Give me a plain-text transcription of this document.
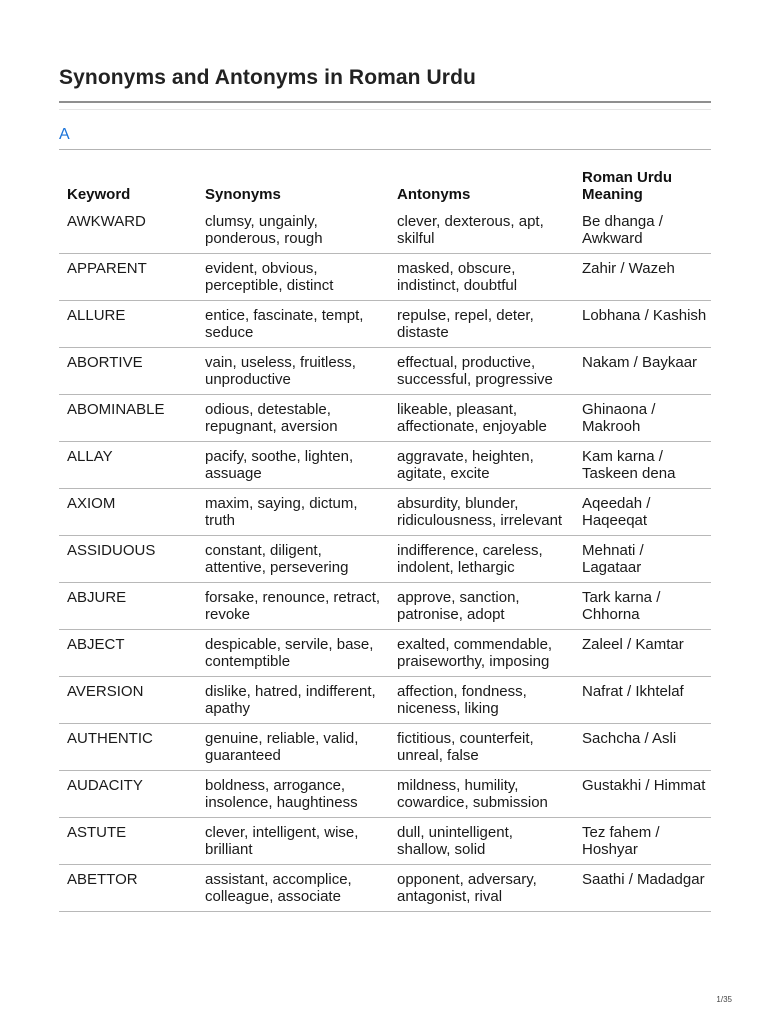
Synonyms and Antonyms in Roman Urdu
A
Keyword	Synonyms	Antonyms	Roman Urdu Meaning
AWKWARD	clumsy, ungainly, ponderous, rough	clever, dexterous, apt, skilful	Be dhanga / Awkward
APPARENT	evident, obvious, perceptible, distinct	masked, obscure, indistinct, doubtful	Zahir / Wazeh
ALLURE	entice, fascinate, tempt, seduce	repulse, repel, deter, distaste	Lobhana / Kashish
ABORTIVE	vain, useless, fruitless, unproductive	effectual, productive, successful, progressive	Nakam / Baykaar
ABOMINABLE	odious, detestable, repugnant, aversion	likeable, pleasant, affectionate, enjoyable	Ghinaona / Makrooh
ALLAY	pacify, soothe, lighten, assuage	aggravate, heighten, agitate, excite	Kam karna / Taskeen dena
AXIOM	maxim, saying, dictum, truth	absurdity, blunder, ridiculousness, irrelevant	Aqeedah / Haqeeqat
ASSIDUOUS	constant, diligent, attentive, persevering	indifference, careless, indolent, lethargic	Mehnati / Lagataar
ABJURE	forsake, renounce, retract, revoke	approve, sanction, patronise, adopt	Tark karna / Chhorna
ABJECT	despicable, servile, base, contemptible	exalted, commendable, praiseworthy, imposing	Zaleel / Kamtar
AVERSION	dislike, hatred, indifferent, apathy	affection, fondness, niceness, liking	Nafrat / Ikhtelaf
AUTHENTIC	genuine, reliable, valid, guaranteed	fictitious, counterfeit, unreal, false	Sachcha / Asli
AUDACITY	boldness, arrogance, insolence, haughtiness	mildness, humility, cowardice, submission	Gustakhi / Himmat
ASTUTE	clever, intelligent, wise, brilliant	dull, unintelligent, shallow, solid	Tez fahem / Hoshyar
ABETTOR	assistant, accomplice, colleague, associate	opponent, adversary, antagonist, rival	Saathi / Madadgar
1/35
